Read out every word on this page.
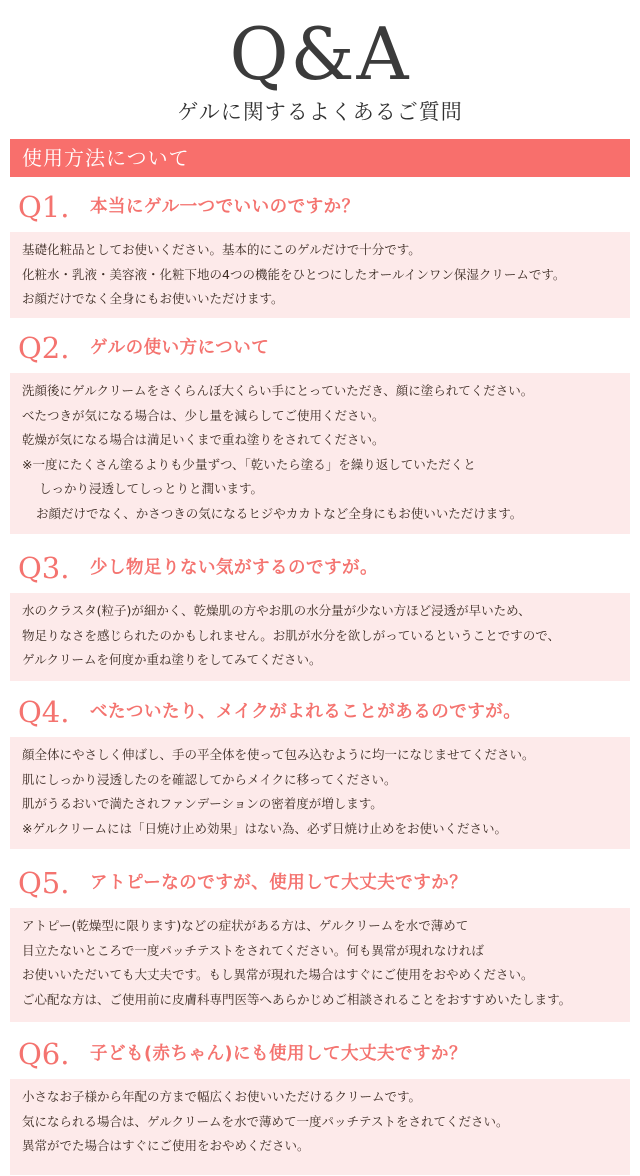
Q&A
ゲルに関するよくあるご質問
使用方法について
Q1. 本当にゲル一つでいいのですか？
基礎化粧品としてお使いください。基本的にこのゲルだけで十分です。
化粧水・乳液・美容液・化粧下地の4つの機能をひとつにしたオールインワン保湿クリームです。
お顔だけでなく全身にもお使いいただけます。
Q2. ゲルの使い方について
洗顔後にゲルクリームをさくらんぼ大くらい手にとっていただき、顔に塗られてください。
べたつきが気になる場合は、少し量を減らしてご使用ください。
乾燥が気になる場合は満足いくまで重ね塗りをされてください。
※一度にたくさん塗るよりも少量ずつ、「乾いたら塗る」を繰り返していただくと
しっかり浸透してしっとりと潤います。
お顔だけでなく、かさつきの気になるヒジやカカトなど全身にもお使いいただけます。
Q3. 少し物足りない気がするのですが。
水のクラスタ(粒子)が細かく、乾燥肌の方やお肌の水分量が少ない方ほど浸透が早いため、
物足りなさを感じられたのかもしれません。お肌が水分を欲しがっているということですので、
ゲルクリームを何度か重ね塗りをしてみてください。
Q4. べたついたり、メイクがよれることがあるのですが。
顔全体にやさしく伸ばし、手の平全体を使って包み込むように均一になじませてください。
肌にしっかり浸透したのを確認してからメイクに移ってください。
肌がうるおいで満たされファンデーションの密着度が増します。
※ゲルクリームには「日焼け止め効果」はない為、必ず日焼け止めをお使いください。
Q5. アトピーなのですが、使用して大丈夫ですか？
アトピー(乾燥型に限ります)などの症状がある方は、ゲルクリームを水で薄めて
目立たないところで一度パッチテストをされてください。何も異常が現れなければ
お使いいただいても大丈夫です。もし異常が現れた場合はすぐにご使用をおやめください。
ご心配な方は、ご使用前に皮膚科専門医等へあらかじめご相談されることをおすすめいたします。
Q6. 子ども(赤ちゃん)にも使用して大丈夫ですか？
小さなお子様から年配の方まで幅広くお使いいただけるクリームです。
気になられる場合は、ゲルクリームを水で薄めて一度パッチテストをされてください。
異常がでた場合はすぐにご使用をおやめください。
